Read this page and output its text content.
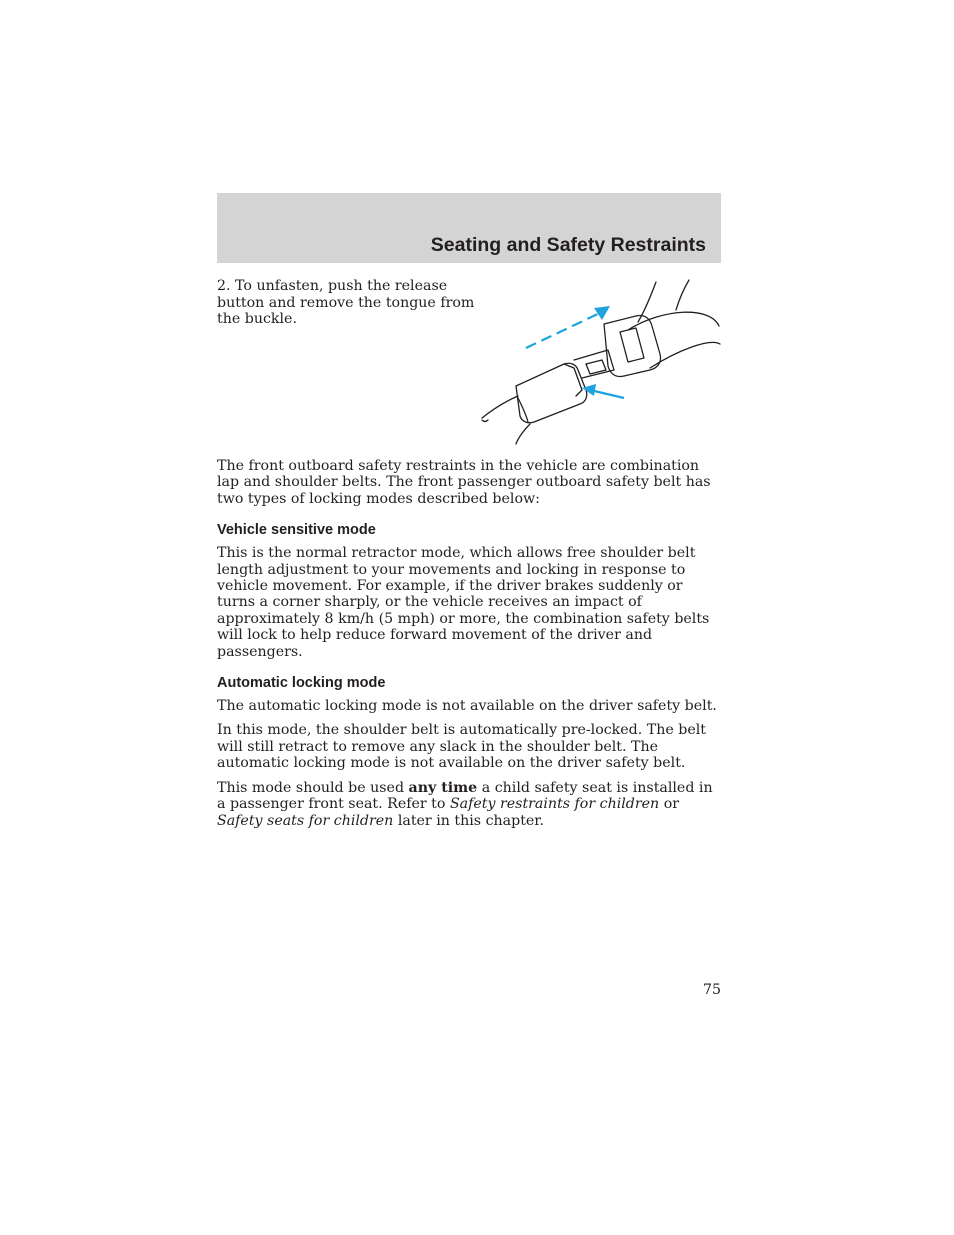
Seating and Safety Restraints
2. To unfasten, push the release
button and remove the tongue from
the buckle.

The front outboard safety restraints in the vehicle are combination lap and shoulder belts. The front passenger outboard safety belt has two types of locking modes described below:

Vehicle sensitive mode

This is the normal retractor mode, which allows free shoulder belt length adjustment to your movements and locking in response to vehicle movement. For example, if the driver brakes suddenly or turns a corner sharply, or the vehicle receives an impact of approximately 8 km/h (5 mph) or more, the combination safety belts will lock to help reduce forward movement of the driver and passengers.

Automatic locking mode

The automatic locking mode is not available on the driver safety belt.

In this mode, the shoulder belt is automatically pre-locked. The belt will still retract to remove any slack in the shoulder belt. The automatic locking mode is not available on the driver safety belt.

This mode should be used any time a child safety seat is installed in a passenger front seat. Refer to Safety restraints for children or Safety seats for children later in this chapter.

75
